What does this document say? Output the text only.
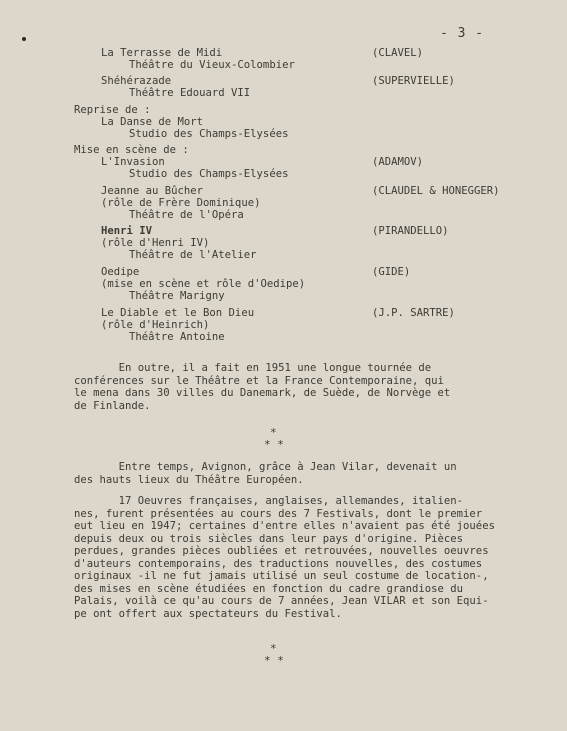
- 3 -
La Terrasse de Midi
Théâtre du Vieux-Colombier
(CLAVEL)
Shéhérazade
Théâtre Edouard VII
(SUPERVIELLE)
Reprise de :
La Danse de Mort
Studio des Champs-Elysées
Mise en scène de :
L'Invasion
Studio des Champs-Elysées
(ADAMOV)
Jeanne au Bûcher
(rôle de Frère Dominique)
Théâtre de l'Opéra
(CLAUDEL & HONEGGER)
Henri IV
(rôle d'Henri IV)
Théâtre de l'Atelier
(PIRANDELLO)
Oedipe
(mise en scène et rôle d'Oedipe)
Théâtre Marigny
(GIDE)
Le Diable et le Bon Dieu
(rôle d'Heinrich)
Théâtre Antoine
(J.P. SARTRE)
En outre, il a fait en 1951 une longue tournée de
conférences sur le Théâtre et la France Contemporaine, qui
le mena dans 30 villes du Danemark, de Suède, de Norvège et
de Finlande.
*
* *
Entre temps, Avignon, grâce à Jean Vilar, devenait un
des hauts lieux du Théâtre Européen.
17 Oeuvres françaises, anglaises, allemandes, italien-
nes, furent présentées au cours des 7 Festivals, dont le premier
eut lieu en 1947; certaines d'entre elles n'avaient pas été jouées
depuis deux ou trois siècles dans leur pays d'origine. Pièces
perdues, grandes pièces oubliées et retrouvées, nouvelles oeuvres
d'auteurs contemporains, des traductions nouvelles, des costumes
originaux -il ne fut jamais utilisé un seul costume de location-,
des mises en scène étudiées en fonction du cadre grandiose du
Palais, voilà ce qu'au cours de 7 années, Jean VILAR et son Equi-
pe ont offert aux spectateurs du Festival.
*
* *
